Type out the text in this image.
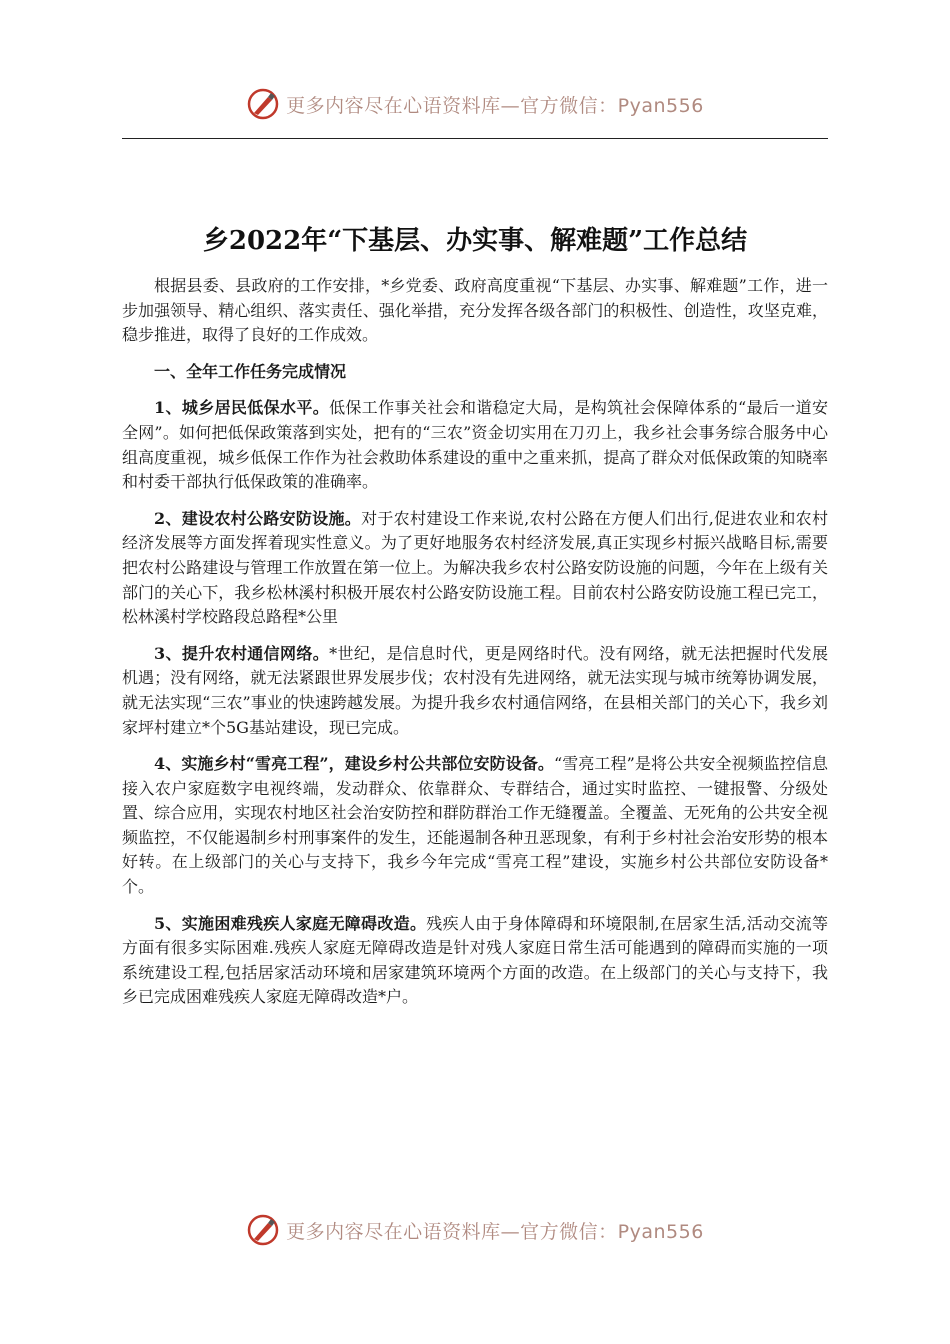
更多内容尽在心语资料库—官方微信：Pyan556
乡2022年“下基层、办实事、解难题”工作总结

根据县委、县政府的工作安排，*乡党委、政府高度重视“下基层、办实事、解难题”工作，进一步加强领导、精心组织、落实责任、强化举措，充分发挥各级各部门的积极性、创造性，攻坚克难，稳步推进，取得了良好的工作成效。

一、全年工作任务完成情况

1、城乡居民低保水平。低保工作事关社会和谐稳定大局，是构筑社会保障体系的“最后一道安全网”。如何把低保政策落到实处，把有的“三农”资金切实用在刀刃上，我乡社会事务综合服务中心组高度重视，城乡低保工作作为社会救助体系建设的重中之重来抓，提高了群众对低保政策的知晓率和村委干部执行低保政策的准确率。

2、建设农村公路安防设施。对于农村建设工作来说,农村公路在方便人们出行,促进农业和农村经济发展等方面发挥着现实性意义。为了更好地服务农村经济发展,真正实现乡村振兴战略目标,需要把农村公路建设与管理工作放置在第一位上。为解决我乡农村公路安防设施的问题，今年在上级有关部门的关心下，我乡松林溪村积极开展农村公路安防设施工程。目前农村公路安防设施工程已完工，松林溪村学校路段总路程*公里

3、提升农村通信网络。*世纪，是信息时代，更是网络时代。没有网络，就无法把握时代发展机遇；没有网络，就无法紧跟世界发展步伐；农村没有先进网络，就无法实现与城市统筹协调发展，就无法实现“三农”事业的快速跨越发展。为提升我乡农村通信网络，在县相关部门的关心下，我乡刘家坪村建立*个5G基站建设，现已完成。

4、实施乡村“雪亮工程”，建设乡村公共部位安防设备。“雪亮工程”是将公共安全视频监控信息接入农户家庭数字电视终端，发动群众、依靠群众、专群结合，通过实时监控、一键报警、分级处置、综合应用，实现农村地区社会治安防控和群防群治工作无缝覆盖。全覆盖、无死角的公共安全视频监控，不仅能遏制乡村刑事案件的发生，还能遏制各种丑恶现象，有利于乡村社会治安形势的根本好转。在上级部门的关心与支持下，我乡今年完成“雪亮工程”建设，实施乡村公共部位安防设备*个。

5、实施困难残疾人家庭无障碍改造。残疾人由于身体障碍和环境限制,在居家生活,活动交流等方面有很多实际困难.残疾人家庭无障碍改造是针对残人家庭日常生活可能遇到的障碍而实施的一项系统建设工程,包括居家活动环境和居家建筑环境两个方面的改造。在上级部门的关心与支持下，我乡已完成困难残疾人家庭无障碍改造*户。

更多内容尽在心语资料库—官方微信：Pyan556
